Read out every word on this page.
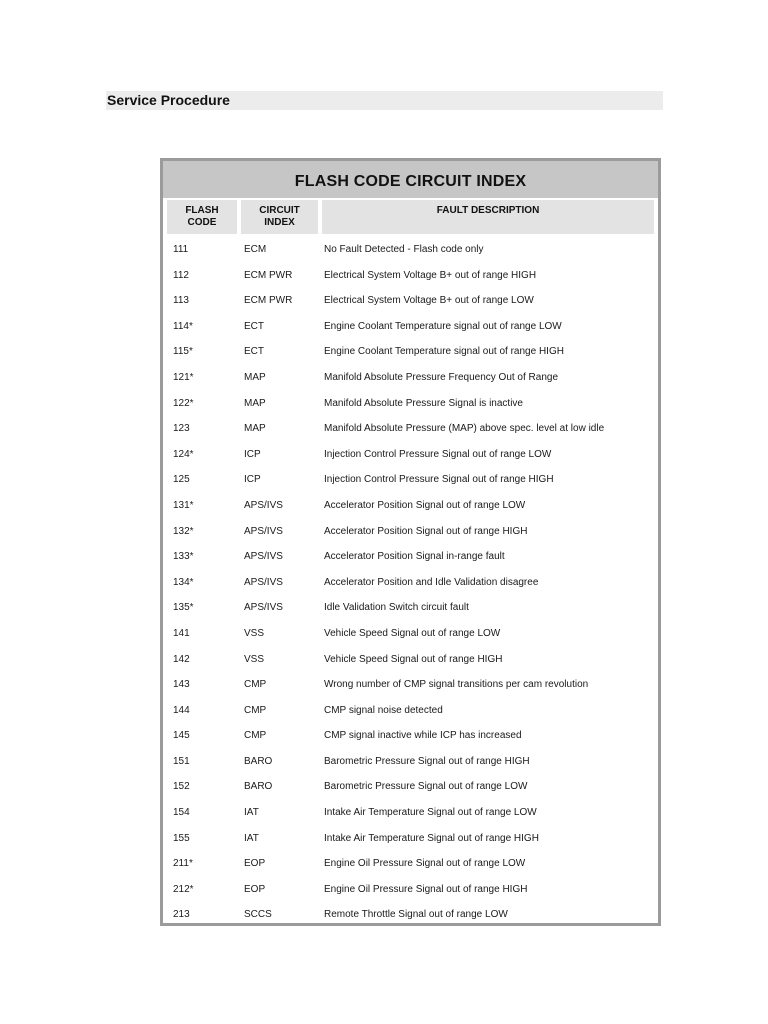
Service Procedure
FLASH CODE CIRCUIT INDEX
FLASH
CODE
CIRCUIT
INDEX
FAULT DESCRIPTION
111	ECM	No Fault Detected - Flash code only
112	ECM PWR	Electrical System Voltage B+ out of range HIGH
113	ECM PWR	Electrical System Voltage B+ out of range LOW
114*	ECT	Engine Coolant Temperature signal out of range LOW
115*	ECT	Engine Coolant Temperature signal out of range HIGH
121*	MAP	Manifold Absolute Pressure Frequency Out of Range
122*	MAP	Manifold Absolute Pressure Signal is inactive
123	MAP	Manifold Absolute Pressure (MAP) above spec. level at low idle
124*	ICP	Injection Control Pressure Signal out of range LOW
125	ICP	Injection Control Pressure Signal out of range HIGH
131*	APS/IVS	Accelerator Position Signal out of range LOW
132*	APS/IVS	Accelerator Position Signal out of range HIGH
133*	APS/IVS	Accelerator Position Signal in-range fault
134*	APS/IVS	Accelerator Position and Idle Validation disagree
135*	APS/IVS	Idle Validation Switch circuit fault
141	VSS	Vehicle Speed Signal out of range LOW
142	VSS	Vehicle Speed Signal out of range HIGH
143	CMP	Wrong number of CMP signal transitions per cam revolution
144	CMP	CMP signal noise detected
145	CMP	CMP signal inactive while ICP has increased
151	BARO	Barometric Pressure Signal out of range HIGH
152	BARO	Barometric Pressure Signal out of range LOW
154	IAT	Intake Air Temperature Signal out of range LOW
155	IAT	Intake Air Temperature Signal out of range HIGH
211*	EOP	Engine Oil Pressure Signal out of range LOW
212*	EOP	Engine Oil Pressure Signal out of range HIGH
213	SCCS	Remote Throttle Signal out of range LOW
